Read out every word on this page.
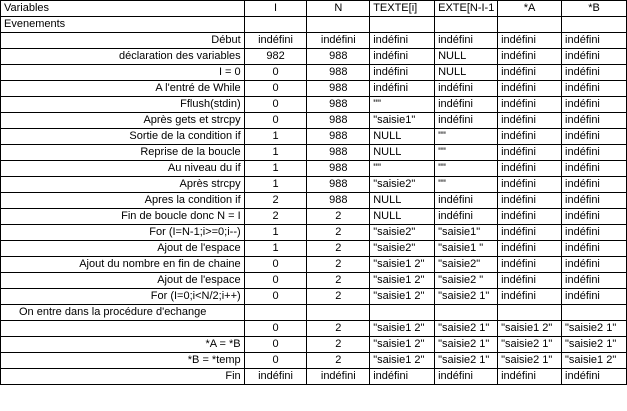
Variables	I	N	TEXTE[i]	EXTE[N-I-1	*A	*B
Evenements						
Début	indéfini	indéfini	indéfini	indéfini	indéfini	indéfini
déclaration des variables	982	988	indéfini	NULL	indéfini	indéfini
I = 0	0	988	indéfini	NULL	indéfini	indéfini
A l'entré de While	0	988	indéfini	indéfini	indéfini	indéfini
Fflush(stdin)	0	988	""	indéfini	indéfini	indéfini
Après gets et strcpy	0	988	"saisie1"	indéfini	indéfini	indéfini
Sortie de la condition if	1	988	NULL	""	indéfini	indéfini
Reprise de la boucle	1	988	NULL	""	indéfini	indéfini
Au niveau du if	1	988	""	""	indéfini	indéfini
Après strcpy	1	988	"saisie2"	""	indéfini	indéfini
Apres la condition if	2	988	NULL	indéfini	indéfini	indéfini
Fin de boucle donc N = I	2	2	NULL	indéfini	indéfini	indéfini
For (I=N-1;i>=0;i--)	1	2	"saisie2"	"saisie1"	indéfini	indéfini
Ajout de l'espace	1	2	"saisie2"	"saisie1 "	indéfini	indéfini
Ajout du nombre en fin de chaine	0	2	"saisie1 2"	"saisie2"	indéfini	indéfini
Ajout de l'espace	0	2	"saisie1 2"	"saisie2 "	indéfini	indéfini
For (I=0;i<N/2;i++)	0	2	"saisie1 2"	"saisie2 1"	indéfini	indéfini
On entre dans la procédure d'echange						
	0	2	"saisie1 2"	"saisie2 1"	"saisie1 2"	"saisie2 1"
*A = *B	0	2	"saisie1 2"	"saisie2 1"	"saisie2 1"	"saisie2 1"
*B = *temp	0	2	"saisie1 2"	"saisie2 1"	"saisie2 1"	"saisie1 2"
Fin	indéfini	indéfini	indéfini	indéfini	indéfini	indéfini
